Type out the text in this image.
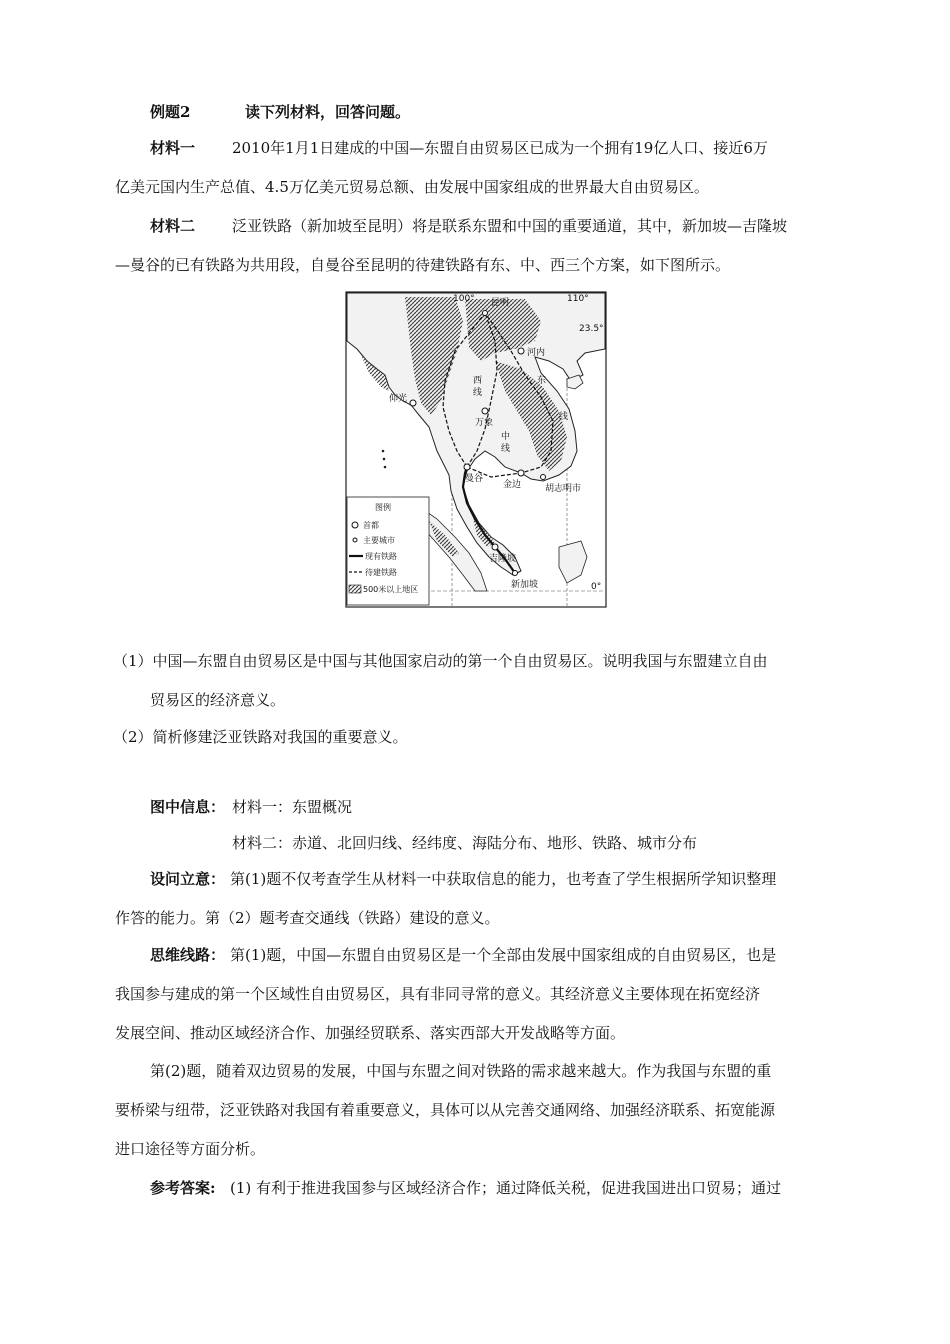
例题2	读下列材料，回答问题。
材料一 2010年1月1日建成的中国—东盟自由贸易区已成为一个拥有19亿人口、接近6万
亿美元国内生产总值、4.5万亿美元贸易总额、由发展中国家组成的世界最大自由贸易区。
材料二 泛亚铁路（新加坡至昆明）将是联系东盟和中国的重要通道，其中，新加坡—吉隆坡
—曼谷的已有铁路为共用段，自曼谷至昆明的待建铁路有东、中、西三个方案，如下图所示。
100°	110°
23.5°
0°
昆明
河内
仰光
万象
曼谷
金边	胡志明市
吉隆坡
新加坡
西
线
中
线
东
线
图例
首都
主要城市
现有铁路
待建铁路
500米以上地区
（1）中国—东盟自由贸易区是中国与其他国家启动的第一个自由贸易区。说明我国与东盟建立自由
贸易区的经济意义。
（2）简析修建泛亚铁路对我国的重要意义。
图中信息： 材料一：东盟概况
材料二：赤道、北回归线、经纬度、海陆分布、地形、铁路、城市分布
设问立意： 第(1)题不仅考查学生从材料一中获取信息的能力，也考查了学生根据所学知识整理
作答的能力。第（2）题考查交通线（铁路）建设的意义。
思维线路： 第(1)题，中国—东盟自由贸易区是一个全部由发展中国家组成的自由贸易区，也是
我国参与建成的第一个区域性自由贸易区，具有非同寻常的意义。其经济意义主要体现在拓宽经济
发展空间、推动区域经济合作、加强经贸联系、落实西部大开发战略等方面。
第(2)题，随着双边贸易的发展，中国与东盟之间对铁路的需求越来越大。作为我国与东盟的重
要桥梁与纽带，泛亚铁路对我国有着重要意义，具体可以从完善交通网络、加强经济联系、拓宽能源
进口途径等方面分析。
参考答案: (1) 有利于推进我国参与区域经济合作；通过降低关税，促进我国进出口贸易；通过
